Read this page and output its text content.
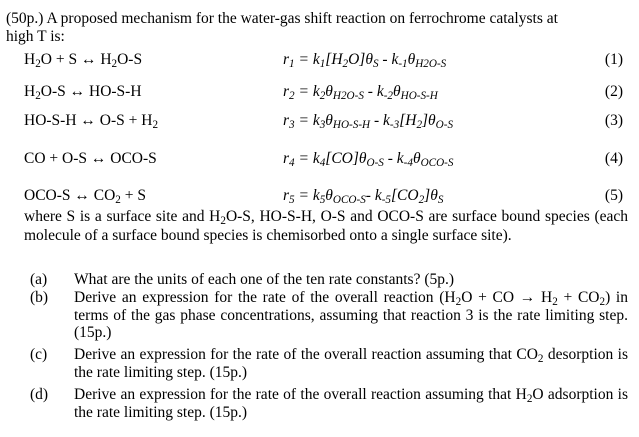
(50p.) A proposed mechanism for the water-gas shift reaction on ferrochrome catalysts at
high T is:
$H_2O + S$ ↔ $H_2O-S$	$r_1 = k_1[H_2O]\theta_S - k_{-1}\theta_{H2O-S}$	(1)
$H_2O-S$ ↔ HO-S-H	$r_2 = k_2\theta_{H2O-S} - k_{-2}\theta_{HO-S-H}$	(2)
HO-S-H ↔ $O-S + H_2$	$r_3 = k_3\theta_{HO-S-H} - k_{-3}[H_2]\theta_{O-S}$	(3)
CO + O-S ↔ OCO-S	$r_4 = k_4[CO]\theta_{O-S} - k_{-4}\theta_{OCO-S}$	(4)
OCO-S ↔ $CO_2 + S$	$r_5 = k_5\theta_{OCO-S}-$ $k_{-5}[CO_2]\theta_S$	(5)
where S is a surface site and $H_2O-S$, HO-S-H, O-S and OCO-S are surface bound species (each molecule of a surface bound species is chemisorbed onto a single surface site).
(a) What are the units of each one of the ten rate constants? (5p.)
(b) Derive an expression for the rate of the overall reaction ($H_2O$ + CO → $H_2 + CO_2$) in terms of the gas phase concentrations, assuming that reaction 3 is the rate limiting step. (15p.)
(c) Derive an expression for the rate of the overall reaction assuming that $CO_2$ desorption is the rate limiting step. (15p.)
(d) Derive an expression for the rate of the overall reaction assuming that $H_2O$ adsorption is the rate limiting step. (15p.)
